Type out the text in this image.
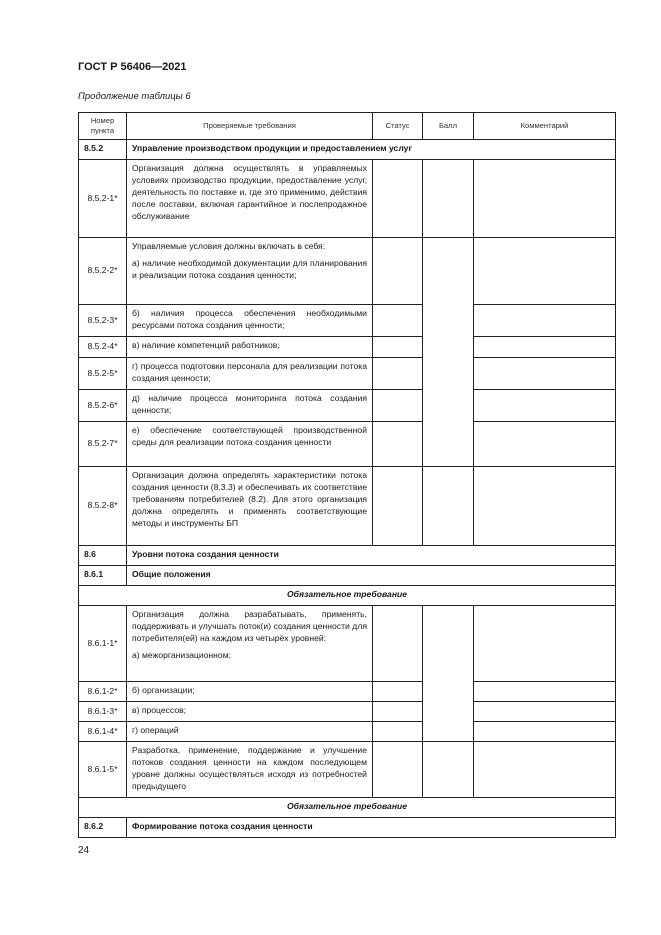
ГОСТ Р 56406—2021
Продолжение таблицы 6
Номер
пункта	Проверяемые требования	Статус	Балл	Комментарий
8.5.2	Управление производством продукции и предоставлением услуг			
8.5.2-1*	Организация должна осуществлять в управляемых условиях производство продукции, предоставление услуг, деятельность по поставке и, где это применимо, действия после поставки, включая гарантийное и послепродажное обслуживание			

8.5.2-2*	Управляемые условия должны включать в себя:

а) наличие необходимой документации для планирования и реализации потока создания ценности;			

8.5.2-3*	б) наличия процесса обеспечения необходимыми ресурсами потока создания ценности;			

8.5.2-4*	в) наличие компетенций работников;			

8.5.2-5*	г) процесса подготовки персонала для реализации потока создания ценности;			

8.5.2-6*	д) наличие процесса мониторинга потока создания ценности;			

8.5.2-7*	е) обеспечение соответствующей производственной среды для реализации потока создания ценности			

8.5.2-8*	Организация должна определять характеристики потока создания ценности (8.3.3) и обеспечивать их соответствие требованиям потребителей (8.2). Для этого организация должна определять и применять соответствующие методы и инструменты БП			

8.6	Уровни потока создания ценности			
8.6.1	Общие положения			
Обязательное требование				
8.6.1-1*	Организация должна разрабатывать, применять, поддерживать и улучшать поток(и) создания ценности для потребителя(ей) на каждом из четырёх уровней:

а) межорганизационном;			

8.6.1-2*	б) организации;			

8.6.1-3*	в) процессов;			

8.6.1-4*	г) операций			

8.6.1-5*	Разработка, применение, поддержание и улучшение потоков создания ценности на каждом последующем уровне должны осуществляться исходя из потребностей предыдущего			

Обязательное требование				
8.6.2	Формирование потока создания ценности			
24
